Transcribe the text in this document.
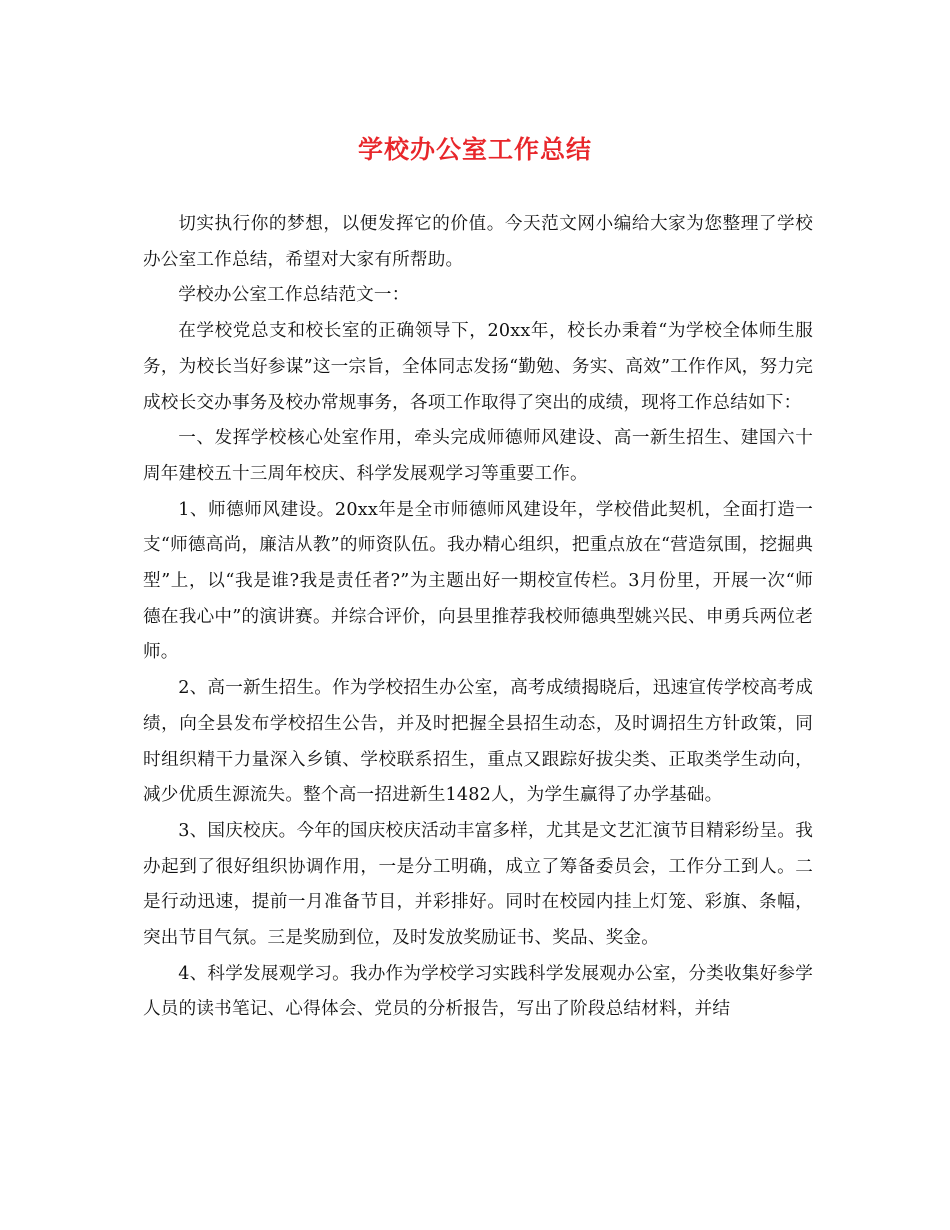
学校办公室工作总结

切实执行你的梦想，以便发挥它的价值。今天范文网小编给大家为您整理了学校办公室工作总结，希望对大家有所帮助。

学校办公室工作总结范文一：

在学校党总支和校长室的正确领导下，20xx年，校长办秉着“为学校全体师生服务，为校长当好参谋”这一宗旨，全体同志发扬“勤勉、务实、高效”工作作风，努力完成校长交办事务及校办常规事务，各项工作取得了突出的成绩，现将工作总结如下：

一、发挥学校核心处室作用，牵头完成师德师风建设、高一新生招生、建国六十周年建校五十三周年校庆、科学发展观学习等重要工作。

1、师德师风建设。20xx年是全市师德师风建设年，学校借此契机，全面打造一支“师德高尚，廉洁从教”的师资队伍。我办精心组织，把重点放在“营造氛围，挖掘典型”上，以“我是谁?我是责任者?”为主题出好一期校宣传栏。3月份里，开展一次“师德在我心中”的演讲赛。并综合评价，向县里推荐我校师德典型姚兴民、申勇兵两位老师。

2、高一新生招生。作为学校招生办公室，高考成绩揭晓后，迅速宣传学校高考成绩，向全县发布学校招生公告，并及时把握全县招生动态，及时调招生方针政策，同时组织精干力量深入乡镇、学校联系招生，重点又跟踪好拔尖类、正取类学生动向，减少优质生源流失。整个高一招进新生1482人，为学生赢得了办学基础。

3、国庆校庆。今年的国庆校庆活动丰富多样，尤其是文艺汇演节目精彩纷呈。我办起到了很好组织协调作用，一是分工明确，成立了筹备委员会，工作分工到人。二是行动迅速，提前一月准备节目，并彩排好。同时在校园内挂上灯笼、彩旗、条幅，突出节目气氛。三是奖励到位，及时发放奖励证书、奖品、奖金。

4、科学发展观学习。我办作为学校学习实践科学发展观办公室，分类收集好参学人员的读书笔记、心得体会、党员的分析报告，写出了阶段总结材料，并结
